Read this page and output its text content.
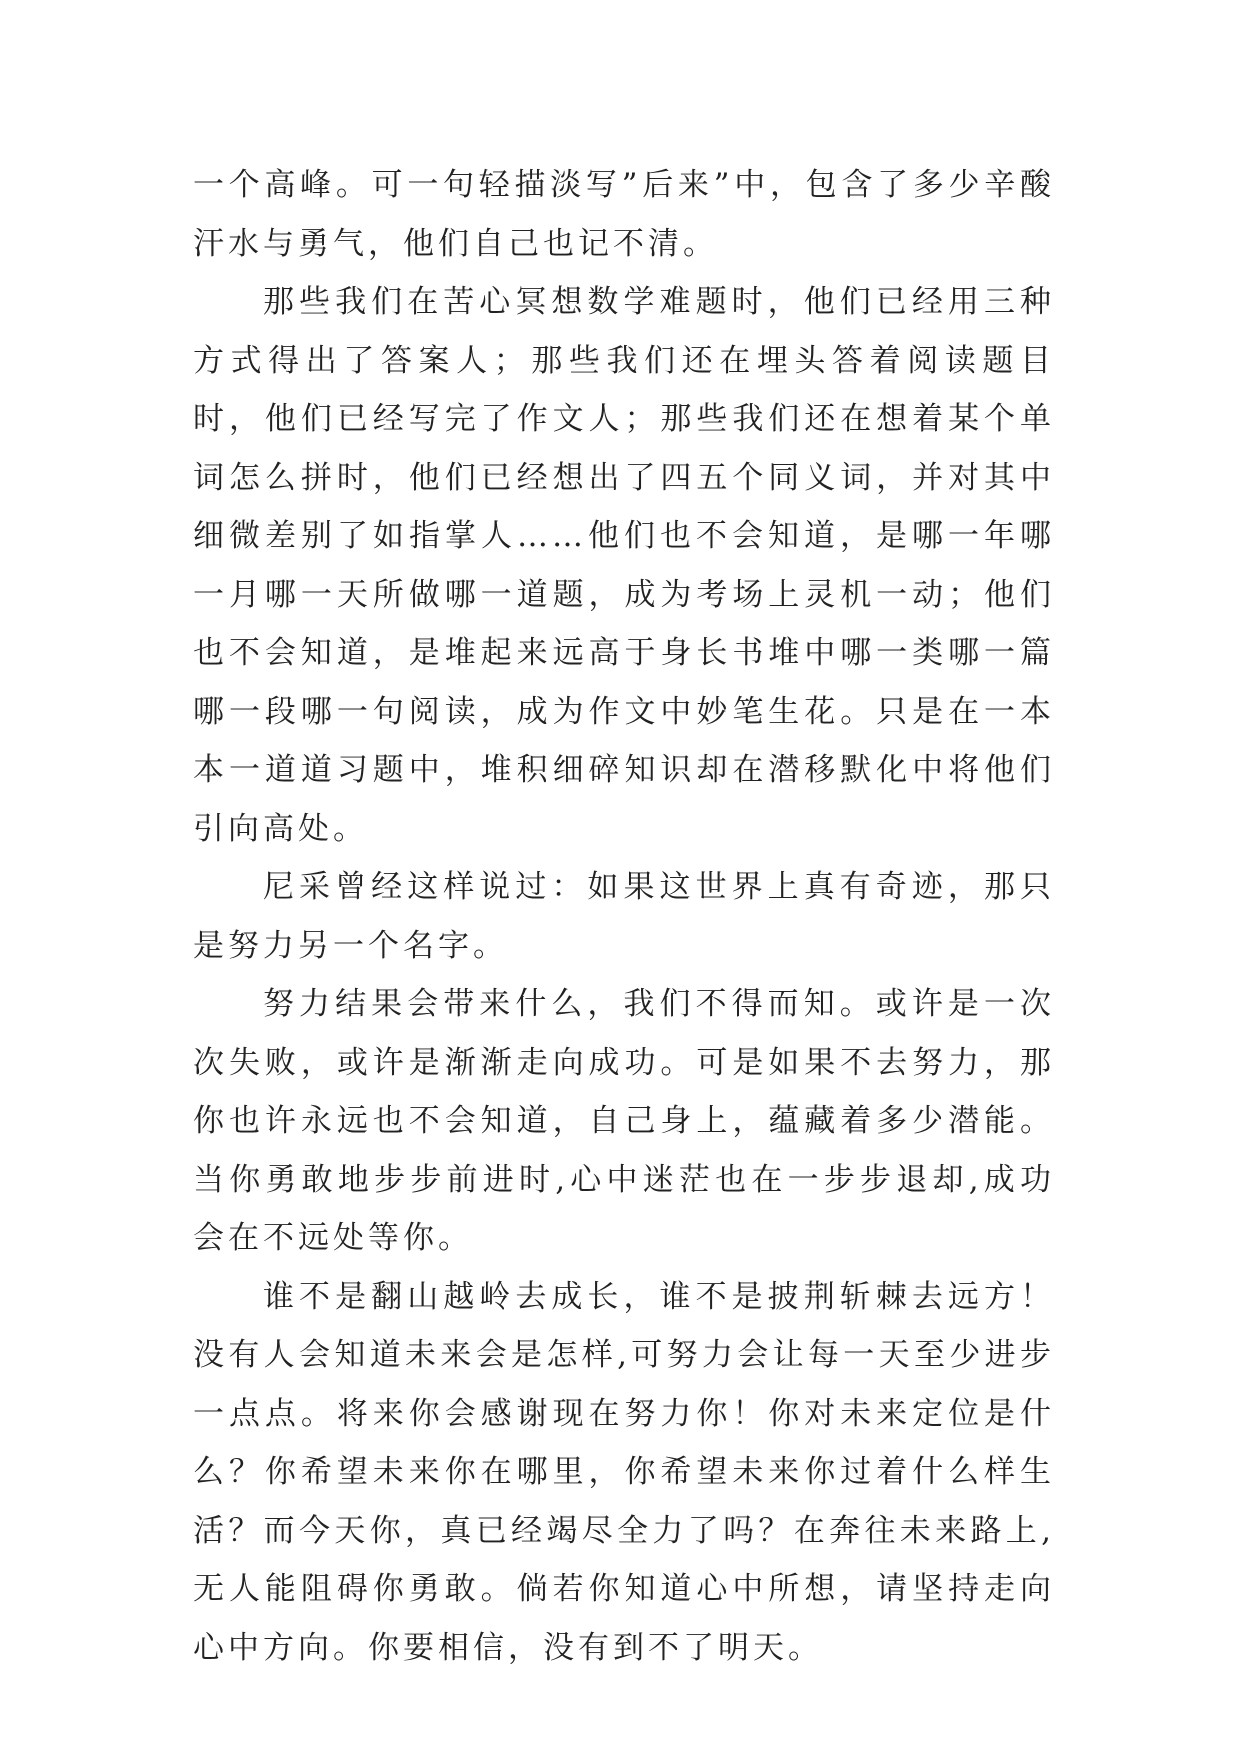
一个高峰。可一句轻描淡写”后来”中，包含了多少辛酸汗水与勇气，他们自己也记不清。

那些我们在苦心冥想数学难题时，他们已经用三种方式得出了答案人；那些我们还在埋头答着阅读题目时，他们已经写完了作文人；那些我们还在想着某个单词怎么拼时，他们已经想出了四五个同义词，并对其中细微差别了如指掌人……他们也不会知道，是哪一年哪一月哪一天所做哪一道题，成为考场上灵机一动；他们也不会知道，是堆起来远高于身长书堆中哪一类哪一篇哪一段哪一句阅读，成为作文中妙笔生花。只是在一本本一道道习题中，堆积细碎知识却在潜移默化中将他们引向高处。

尼采曾经这样说过：如果这世界上真有奇迹，那只是努力另一个名字。

努力结果会带来什么，我们不得而知。或许是一次次失败，或许是渐渐走向成功。可是如果不去努力，那你也许永远也不会知道，自己身上，蕴藏着多少潜能。当你勇敢地步步前进时,心中迷茫也在一步步退却,成功会在不远处等你。

谁不是翻山越岭去成长，谁不是披荆斩棘去远方！没有人会知道未来会是怎样,可努力会让每一天至少进步一点点。将来你会感谢现在努力你！你对未来定位是什么？你希望未来你在哪里，你希望未来你过着什么样生活？而今天你，真已经竭尽全力了吗？在奔往未来路上,无人能阻碍你勇敢。倘若你知道心中所想，请坚持走向心中方向。你要相信，没有到不了明天。
